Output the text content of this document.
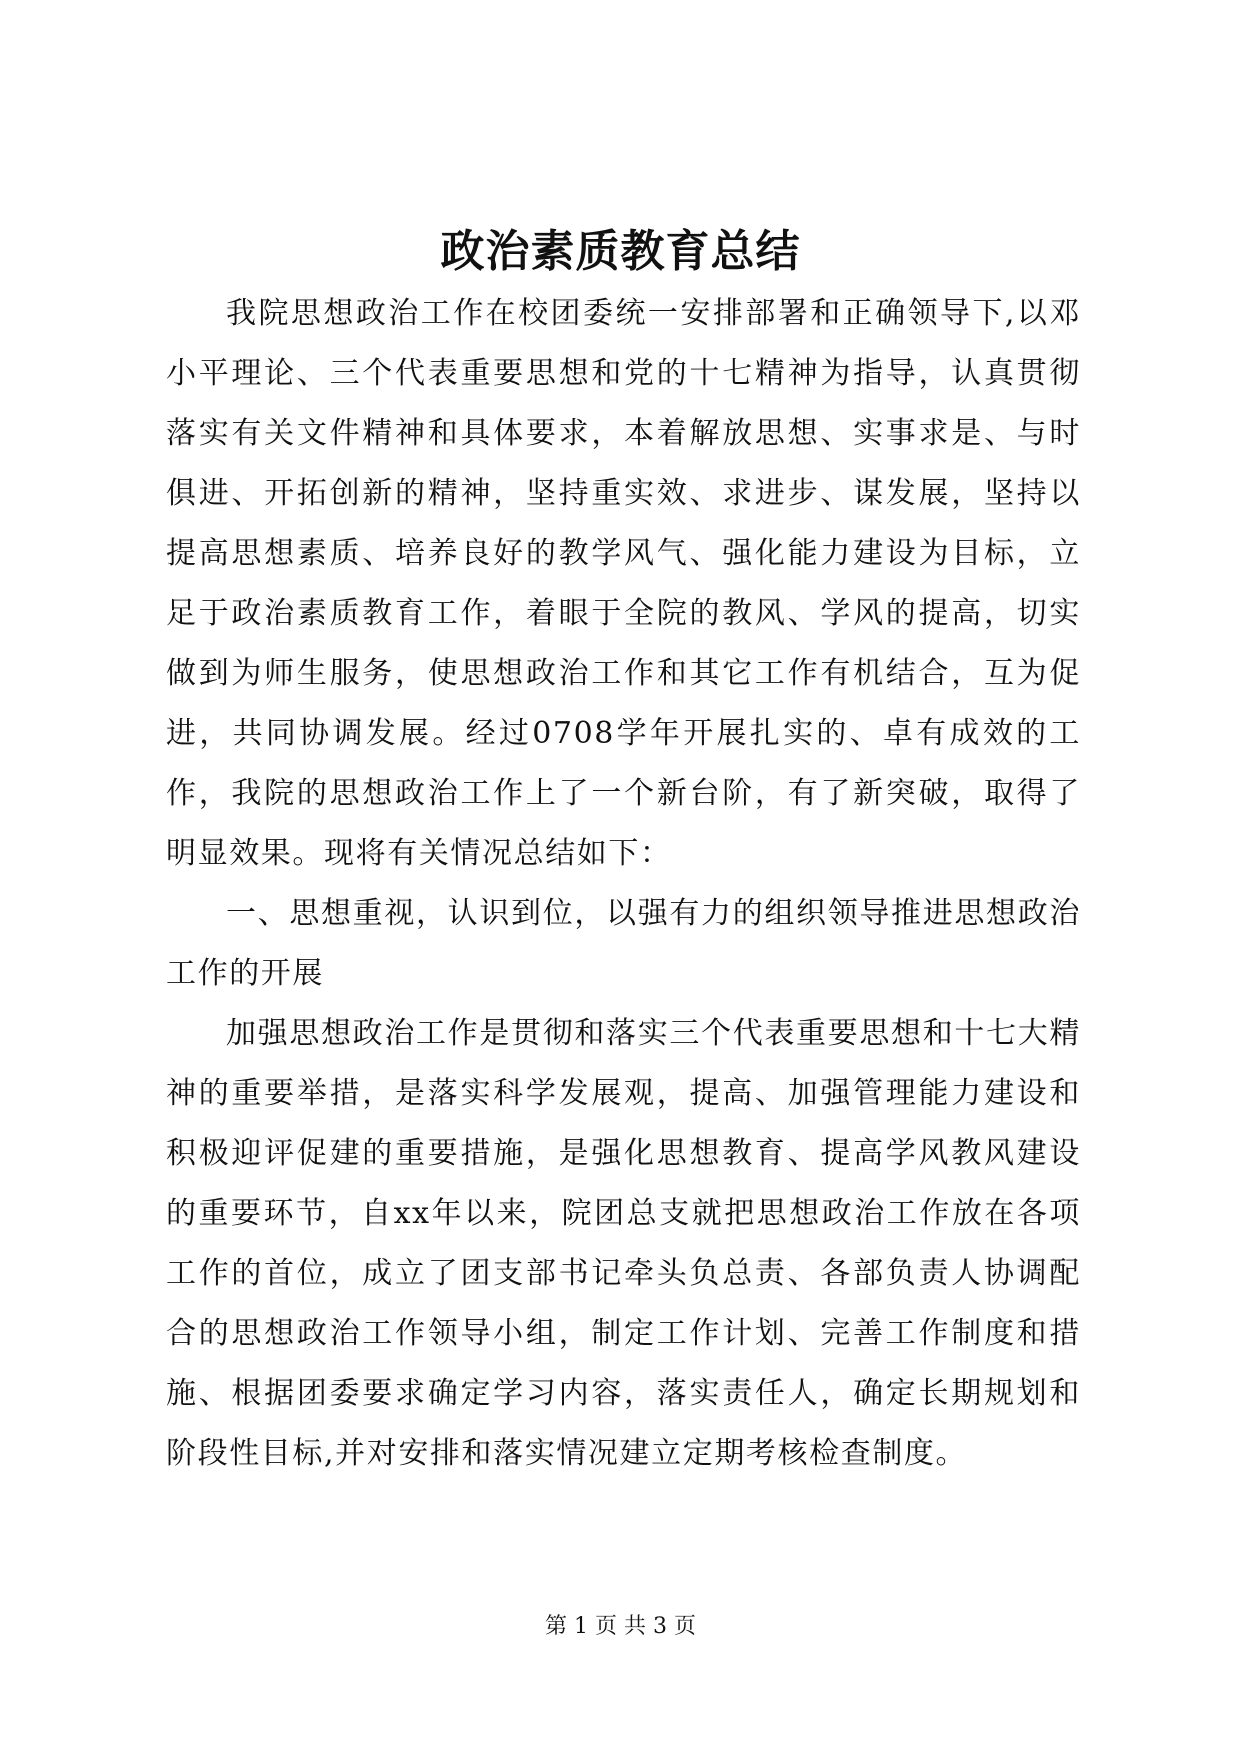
政治素质教育总结

我院思想政治工作在校团委统一安排部署和正确领导下,以邓小平理论、三个代表重要思想和党的十七精神为指导，认真贯彻落实有关文件精神和具体要求，本着解放思想、实事求是、与时俱进、开拓创新的精神，坚持重实效、求进步、谋发展，坚持以提高思想素质、培养良好的教学风气、强化能力建设为目标，立足于政治素质教育工作，着眼于全院的教风、学风的提高，切实做到为师生服务，使思想政治工作和其它工作有机结合，互为促进，共同协调发展。经过0708学年开展扎实的、卓有成效的工作，我院的思想政治工作上了一个新台阶，有了新突破，取得了明显效果。现将有关情况总结如下：

一、思想重视，认识到位，以强有力的组织领导推进思想政治工作的开展

加强思想政治工作是贯彻和落实三个代表重要思想和十七大精神的重要举措，是落实科学发展观，提高、加强管理能力建设和积极迎评促建的重要措施，是强化思想教育、提高学风教风建设的重要环节，自xx年以来，院团总支就把思想政治工作放在各项工作的首位，成立了团支部书记牵头负总责、各部负责人协调配合的思想政治工作领导小组，制定工作计划、完善工作制度和措施、根据团委要求确定学习内容，落实责任人，确定长期规划和阶段性目标,并对安排和落实情况建立定期考核检查制度。

第 1 页 共 3 页
